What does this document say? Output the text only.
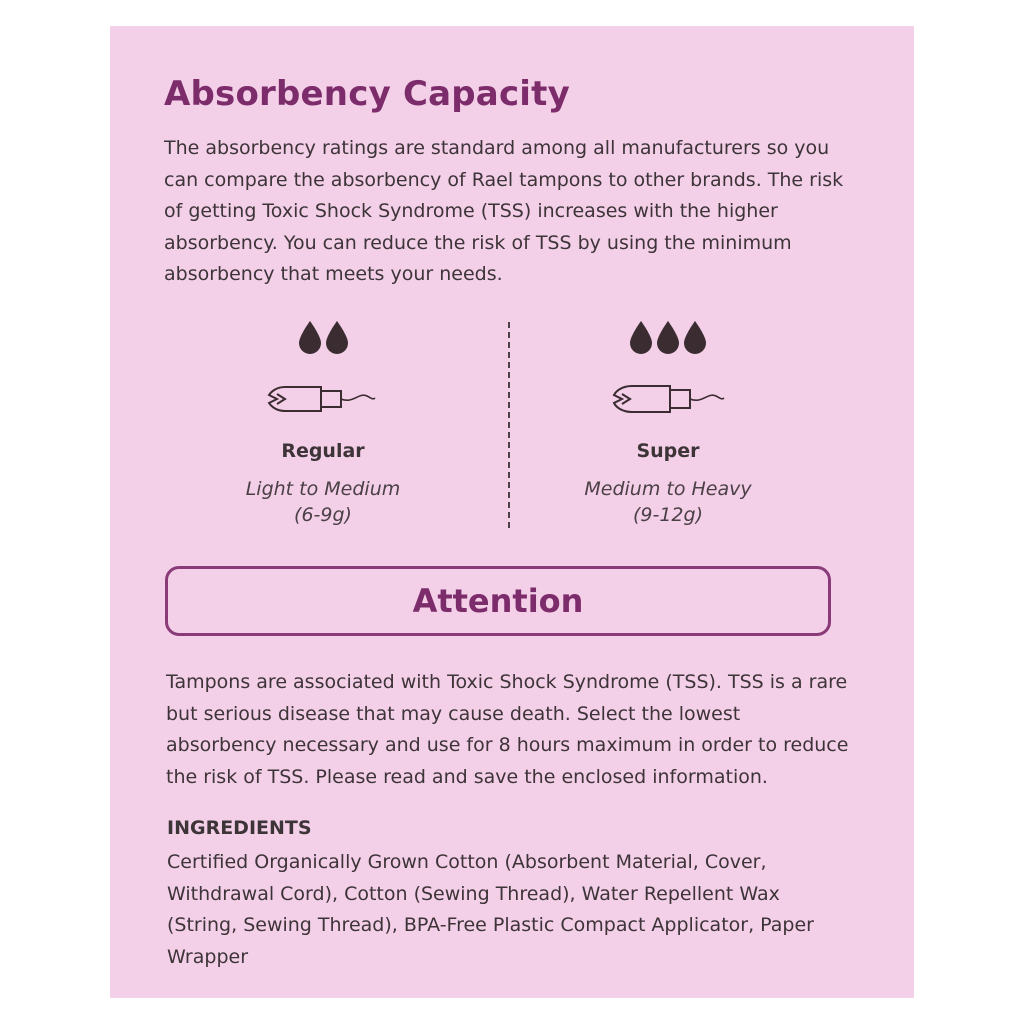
Absorbency Capacity

The absorbency ratings are standard among all manufacturers so you can compare the absorbency of Rael tampons to other brands. The risk of getting Toxic Shock Syndrome (TSS) increases with the higher absorbency. You can reduce the risk of TSS by using the minimum absorbency that meets your needs.

Regular
Light to Medium
(6-9g)
Super
Medium to Heavy
(9-12g)
Attention

Tampons are associated with Toxic Shock Syndrome (TSS). TSS is a rare but serious disease that may cause death. Select the lowest absorbency necessary and use for 8 hours maximum in order to reduce the risk of TSS. Please read and save the enclosed information.

INGREDIENTS

Certified Organically Grown Cotton (Absorbent Material, Cover, Withdrawal Cord), Cotton (Sewing Thread), Water Repellent Wax (String, Sewing Thread), BPA-Free Plastic Compact Applicator, Paper Wrapper
